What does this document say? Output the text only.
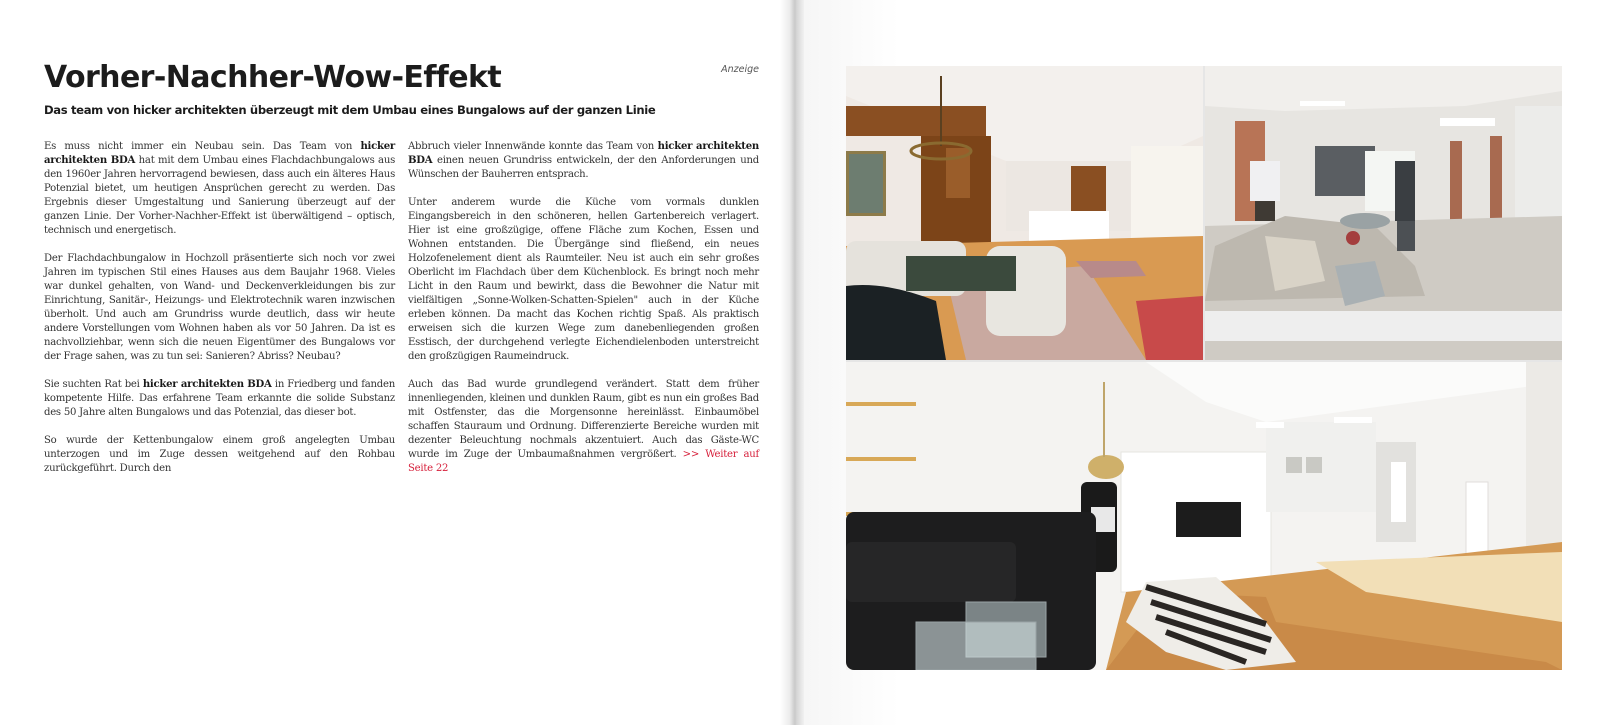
Anzeige
Vorher-Nachher-Wow-Effekt
Das team von hicker architekten überzeugt mit dem Umbau eines Bungalows auf der ganzen Linie

Es muss nicht immer ein Neubau sein. Das Team von hicker architekten BDA hat mit dem Umbau eines Flachdachbungalows aus den 1960er Jahren hervorragend bewiesen, dass auch ein älteres Haus Potenzial bietet, um heutigen Ansprüchen gerecht zu werden. Das Ergebnis dieser Umgestaltung und Sanierung überzeugt auf der ganzen Linie. Der Vorher-Nachher-Effekt ist überwältigend – optisch, technisch und energetisch.

Der Flachdachbungalow in Hochzoll präsentierte sich noch vor zwei Jahren im typischen Stil eines Hauses aus dem Baujahr 1968. Vieles war dunkel gehalten, von Wand- und Deckenverkleidungen bis zur Einrichtung, Sanitär-, Heizungs- und Elektrotechnik waren inzwischen überholt. Und auch am Grundriss wurde deutlich, dass wir heute andere Vorstellungen vom Wohnen haben als vor 50 Jahren. Da ist es nachvollziehbar, wenn sich die neuen Eigentümer des Bungalows vor der Frage sahen, was zu tun sei: Sanieren? Abriss? Neubau?

Sie suchten Rat bei hicker architekten BDA in Friedberg und fanden kompetente Hilfe. Das erfahrene Team erkannte die solide Substanz des 50 Jahre alten Bungalows und das Potenzial, das dieser bot.

So wurde der Kettenbungalow einem groß angelegten Umbau unterzogen und im Zuge dessen weitgehend auf den Rohbau zurückgeführt. Durch den

Abbruch vieler Innenwände konnte das Team von hicker architekten BDA einen neuen Grundriss entwickeln, der den Anforderungen und Wünschen der Bauherren entsprach.

Unter anderem wurde die Küche vom vormals dunklen Eingangsbereich in den schöneren, hellen Gartenbereich verlagert. Hier ist eine großzügige, offene Fläche zum Kochen, Essen und Wohnen entstanden. Die Übergänge sind fließend, ein neues Holzofenelement dient als Raumteiler. Neu ist auch ein sehr großes Oberlicht im Flachdach über dem Küchenblock. Es bringt noch mehr Licht in den Raum und bewirkt, dass die Bewohner die Natur mit vielfältigen „Sonne-Wolken-Schatten-Spielen" auch in der Küche erleben können. Da macht das Kochen richtig Spaß. Als praktisch erweisen sich die kurzen Wege zum danebenliegenden großen Esstisch, der durchgehend verlegte Eichendielenboden unterstreicht den großzügigen Raumeindruck.

Auch das Bad wurde grundlegend verändert. Statt dem früher innenliegenden, kleinen und dunklen Raum, gibt es nun ein großes Bad mit Ostfenster, das die Morgensonne hereinlässt. Einbaumöbel schaffen Stauraum und Ordnung. Differenzierte Bereiche wurden mit dezenter Beleuchtung nochmals akzentuiert. Auch das Gäste-WC wurde im Zuge der Umbaumaßnahmen vergrößert. >> Weiter auf Seite 22
